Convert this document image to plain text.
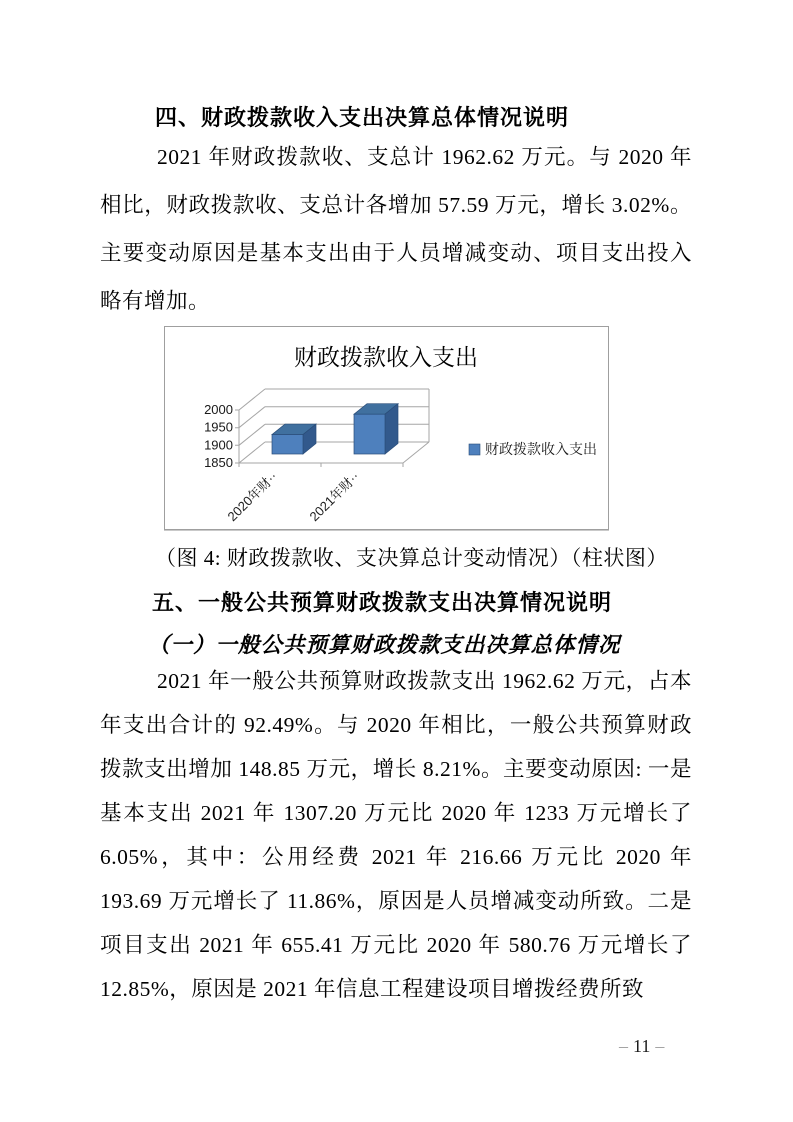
四、财政拨款收入支出决算总体情况说明

2021 年财政拨款收、支总计 1962.62 万元。与 2020 年相比，财政拨款收、支总计各增加 57.59 万元，增长 3.02%。主要变动原因是基本支出由于人员增减变动、项目支出投入略有增加。

财政拨款收入支出
2000
1950
1900
1850
2020年财·· 2021年财··
财政拨款收入支出
（图 4: 财政拨款收、支决算总计变动情况）（柱状图）
五、一般公共预算财政拨款支出决算情况说明
（一）一般公共预算财政拨款支出决算总体情况

2021 年一般公共预算财政拨款支出 1962.62 万元，占本年支出合计的 92.49%。与 2020 年相比，一般公共预算财政拨款支出增加 148.85 万元，增长 8.21%。主要变动原因: 一是基本支出 2021 年 1307.20 万元比 2020 年 1233 万元增长了 6.05%，其中：公用经费 2021 年 216.66 万元比 2020 年 193.69 万元增长了 11.86%，原因是人员增减变动所致。二是项目支出 2021 年 655.41 万元比 2020 年 580.76 万元增长了 12.85%，原因是 2021 年信息工程建设项目增拨经费所致

– 11 –
